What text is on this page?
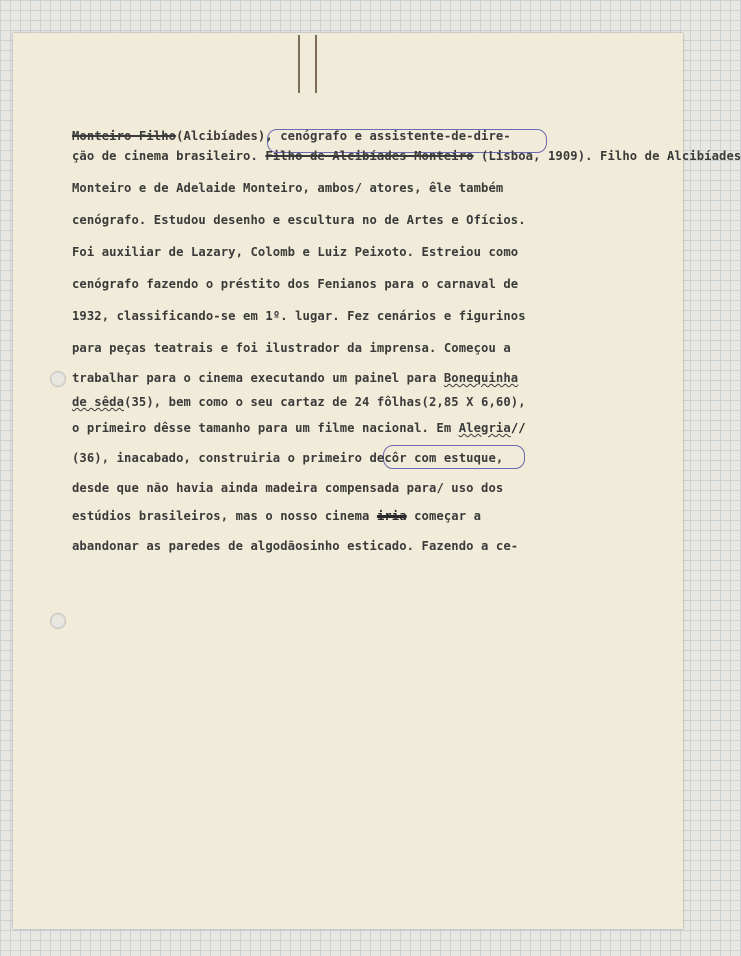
Monteiro Filho(Alcibíades), cenógrafo e assistente-de-dire-
ção de cinema brasileiro. Filho de Alcibíades Monteiro (Lisboa, 1909). Filho de Alcibíades
Monteiro e de Adelaide Monteiro, ambos/ atores, êle também
cenógrafo. Estudou desenho e escultura no de Artes e Ofícios.
Foi auxiliar de Lazary, Colomb e Luiz Peixoto. Estreiou como
cenógrafo fazendo o préstito dos Fenianos para o carnaval de
1932, classificando-se em 1º. lugar. Fez cenários e figurinos
para peças teatrais e foi ilustrador da imprensa. Começou a
trabalhar para o cinema executando um painel para Bonequinha
de sêda(35), bem como o seu cartaz de 24 fôlhas(2,85 X 6,60),
o primeiro dêsse tamanho para um filme nacional. Em Alegria//
(36), inacabado, construiria o primeiro decôr com estuque,
desde que não havia ainda madeira compensada para/ uso dos
estúdios brasileiros, mas o nosso cinema iria começar a
abandonar as paredes de algodãosinho esticado. Fazendo a ce-
